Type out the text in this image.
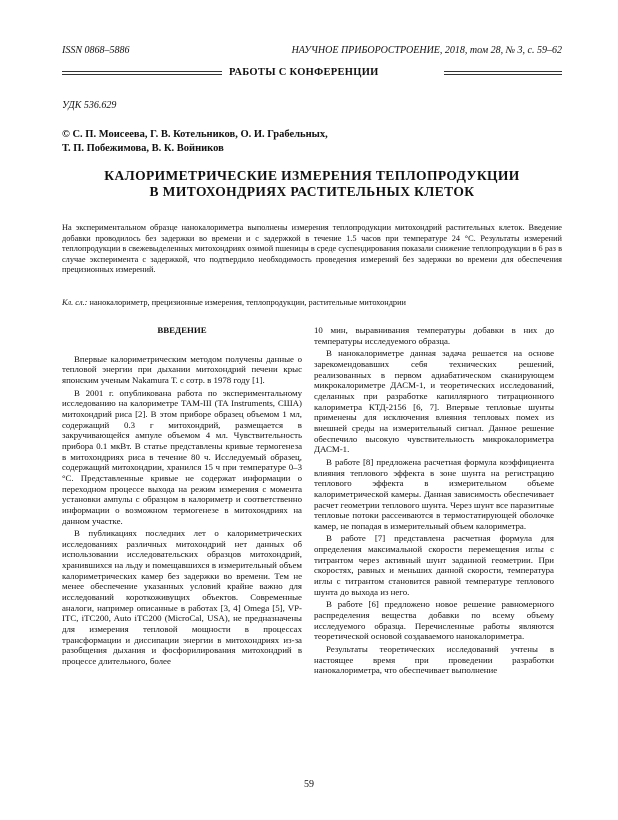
ISSN 0868–5886	НАУЧНОЕ ПРИБОРОСТРОЕНИЕ, 2018, том 28, № 3, с. 59–62
РАБОТЫ С КОНФЕРЕНЦИИ
УДК 536.629
© С. П. Моисеева, Г. В. Котельников, О. И. Грабельных,
Т. П. Побежимова, В. К. Войников
КАЛОРИМЕТРИЧЕСКИЕ ИЗМЕРЕНИЯ ТЕПЛОПРОДУКЦИИ
В МИТОХОНДРИЯХ РАСТИТЕЛЬНЫХ КЛЕТОК
На экспериментальном образце нанокалориметра выполнены измерения теплопродукции митохондрий растительных клеток. Введение добавки проводилось без задержки во времени и с задержкой в течение 1.5 часов при температуре 24 °С. Результаты измерений теплопродукции в свежевыделенных митохондриях озимой пшеницы в среде суспендирования показали снижение теплопродукции в 6 раз в случае эксперимента с задержкой, что подтвердило необходимость проведения измерений без задержки во времени для обеспечения прецизионных измерений.
Кл. сл.: нанокалориметр, прецизионные измерения, теплопродукции, растительные митохондрии
ВВЕДЕНИЕ

Впервые калориметрическим методом получены данные о тепловой энергии при дыхании митохондрий печени крыс японским ученым Nakamura Т. с сотр. в 1978 году [1].

В 2001 г. опубликована работа по экспериментальному исследованию на калориметре TAM-III (TA Instruments, США) митохондрий риса [2]. В этом приборе образец объемом 1 мл, содержащий 0.3 г митохондрий, размещается в закручивающейся ампуле объемом 4 мл. Чувствительность прибора 0.1 мкВт. В статье представлены кривые термогенеза в митохондриях риса в течение 80 ч. Исследуемый образец, содержащий митохондрии, хранился 15 ч при температуре 0–3 °С. Представленные кривые не содержат информации о переходном процессе выхода на режим измерения с момента установки ампулы с образцом в калориметр и соответственно информации о возможном термогенезе в митохондриях на данном участке.

В публикациях последних лет о калориметрических исследованиях различных митохондрий нет данных об использовании исследовательских образцов митохондрий, хранившихся на льду и помещавшихся в измерительный объем калориметрических камер без задержки во времени. Тем не менее обеспечение указанных условий крайне важно для исследований короткоживущих объектов. Современные аналоги, например описанные в работах [3, 4] Omega [5], VP-ITC, iTC200, Auto iTC200 (MicroCal, USA), не предназначены для измерения тепловой мощности в процессах трансформации и диссипации энергии в митохондриях из-за разобщения дыхания и фосфорилирования митохондрий в процессе длительного, более

10 мин, выравнивания температуры добавки в них до температуры исследуемого образца.

В нанокалориметре данная задача решается на основе зарекомендовавших себя технических решений, реализованных в первом адиабатическом сканирующем микрокалориметре ДАСМ-1, и теоретических исследований, сделанных при разработке капиллярного титрационного калориметра КТД-2156 [6, 7]. Впервые тепловые шунты применены для исключения влияния тепловых помех из внешней среды на измерительный сигнал. Данное решение обеспечило высокую чувствительность микрокалориметра ДАСМ-1.

В работе [8] предложена расчетная формула коэффициента влияния теплового эффекта в зоне шунта на регистрацию теплового эффекта в измерительном объеме калориметрической камеры. Данная зависимость обеспечивает расчет геометрии теплового шунта. Через шунт все паразитные тепловые потоки рассеиваются в термостатирующей оболочке камер, не попадая в измерительный объем калориметра.

В работе [7] представлена расчетная формула для определения максимальной скорости перемещения иглы с титрантом через активный шунт заданной геометрии. При скоростях, равных и меньших данной скорости, температура иглы с титрантом становится равной температуре теплового шунта до выхода из него.

В работе [6] предложено новое решение равномерного распределения вещества добавки по всему объему исследуемого образца. Перечисленные работы являются теоретической основой создаваемого нанокалориметра.

Результаты теоретических исследований учтены в настоящее время при проведении разработки нанокалориметра, что обеспечивает выполнение

59
